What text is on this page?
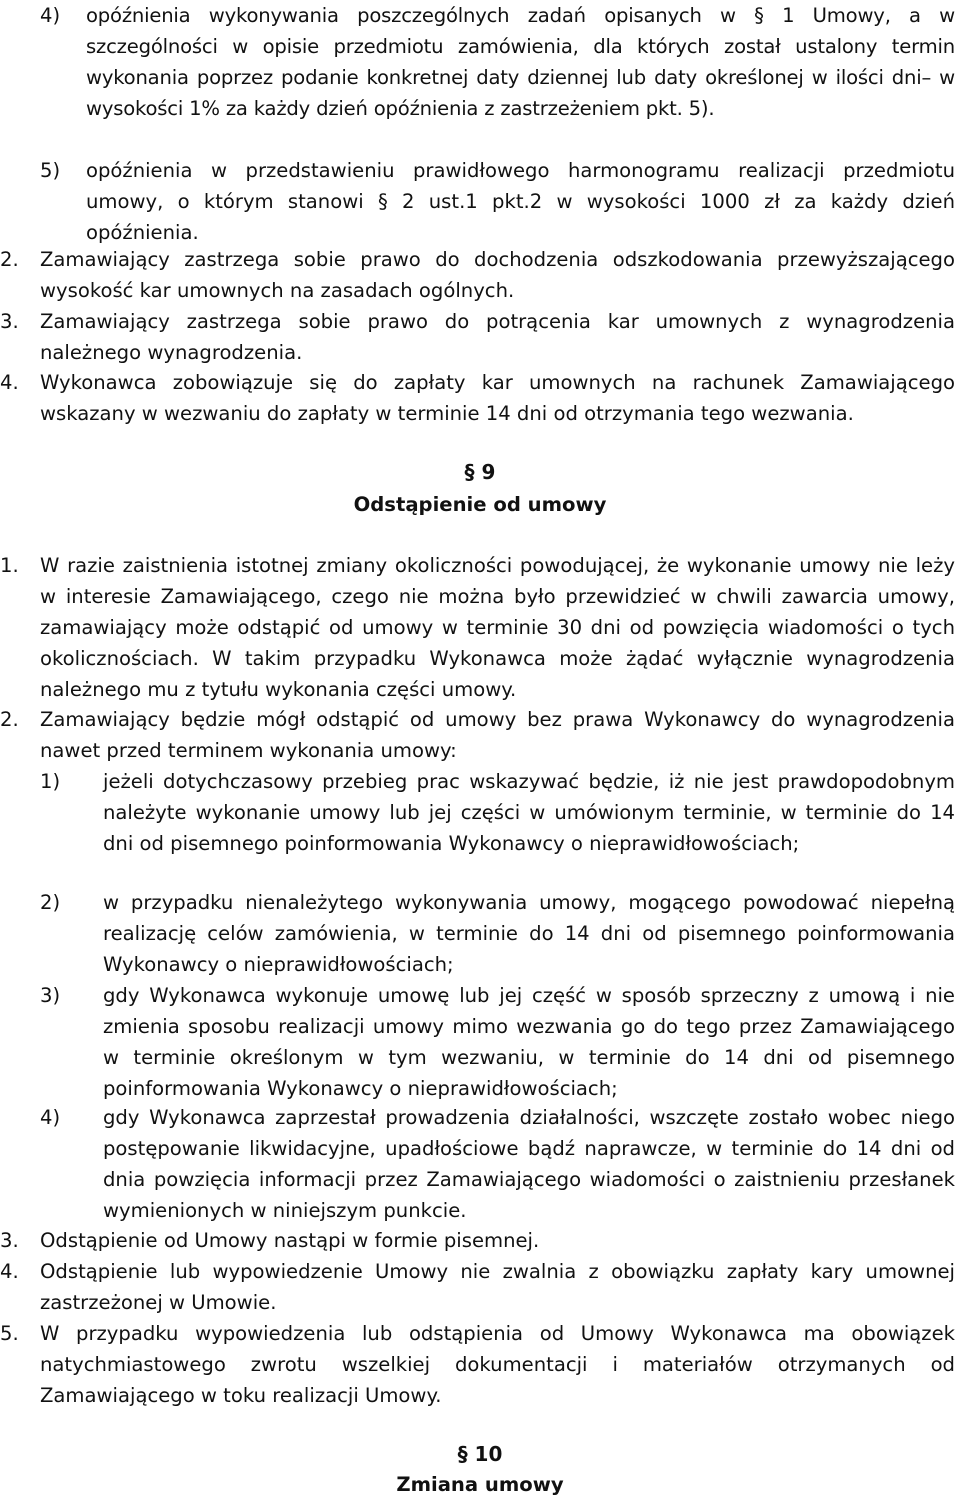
4)	opóźnienia wykonywania poszczególnych zadań opisanych w § 1 Umowy, a w szczególności w opisie przedmiotu zamówienia, dla których został ustalony termin wykonania poprzez podanie konkretnej daty dziennej lub daty określonej w ilości dni– w wysokości 1% za każdy dzień opóźnienia z zastrzeżeniem pkt. 5).
5)	opóźnienia w przedstawieniu prawidłowego harmonogramu realizacji przedmiotu umowy, o którym stanowi § 2 ust.1 pkt.2 w wysokości 1000 zł za każdy dzień opóźnienia.
2.	Zamawiający zastrzega sobie prawo do dochodzenia odszkodowania przewyższającego wysokość kar umownych na zasadach ogólnych.
3.	Zamawiający zastrzega sobie prawo do potrącenia kar umownych z wynagrodzenia należnego wynagrodzenia.
4.	Wykonawca zobowiązuje się do zapłaty kar umownych na rachunek Zamawiającego wskazany w wezwaniu do zapłaty w terminie 14 dni od otrzymania tego wezwania.
§ 9
Odstąpienie od umowy
1.	W razie zaistnienia istotnej zmiany okoliczności powodującej, że wykonanie umowy nie leży w interesie Zamawiającego, czego nie można było przewidzieć w chwili zawarcia umowy, zamawiający może odstąpić od umowy w terminie 30 dni od powzięcia wiadomości o tych okolicznościach. W takim przypadku Wykonawca może żądać wyłącznie wynagrodzenia należnego mu z tytułu wykonania części umowy.
2.	Zamawiający będzie mógł odstąpić od umowy bez prawa Wykonawcy do wynagrodzenia nawet przed terminem wykonania umowy:
1)	jeżeli dotychczasowy przebieg prac wskazywać będzie, iż nie jest prawdopodobnym należyte wykonanie umowy lub jej części w umówionym terminie, w terminie do 14 dni od pisemnego poinformowania Wykonawcy o nieprawidłowościach;
2)	w przypadku nienależytego wykonywania umowy, mogącego powodować niepełną realizację celów zamówienia, w terminie do 14 dni od pisemnego poinformowania Wykonawcy o nieprawidłowościach;
3)	gdy Wykonawca wykonuje umowę lub jej część w sposób sprzeczny z umową i nie zmienia sposobu realizacji umowy mimo wezwania go do tego przez Zamawiającego w terminie określonym w tym wezwaniu, w terminie do 14 dni od pisemnego poinformowania Wykonawcy o nieprawidłowościach;
4)	gdy Wykonawca zaprzestał prowadzenia działalności, wszczęte zostało wobec niego postępowanie likwidacyjne, upadłościowe bądź naprawcze, w terminie do 14 dni od dnia powzięcia informacji przez Zamawiającego wiadomości o zaistnieniu przesłanek wymienionych w niniejszym punkcie.
3.	Odstąpienie od Umowy nastąpi w formie pisemnej.
4.	Odstąpienie lub wypowiedzenie Umowy nie zwalnia z obowiązku zapłaty kary umownej zastrzeżonej w Umowie.
5.	W przypadku wypowiedzenia lub odstąpienia od Umowy Wykonawca ma obowiązek natychmiastowego zwrotu wszelkiej dokumentacji i materiałów otrzymanych od Zamawiającego w toku realizacji Umowy.
§ 10
Zmiana umowy
